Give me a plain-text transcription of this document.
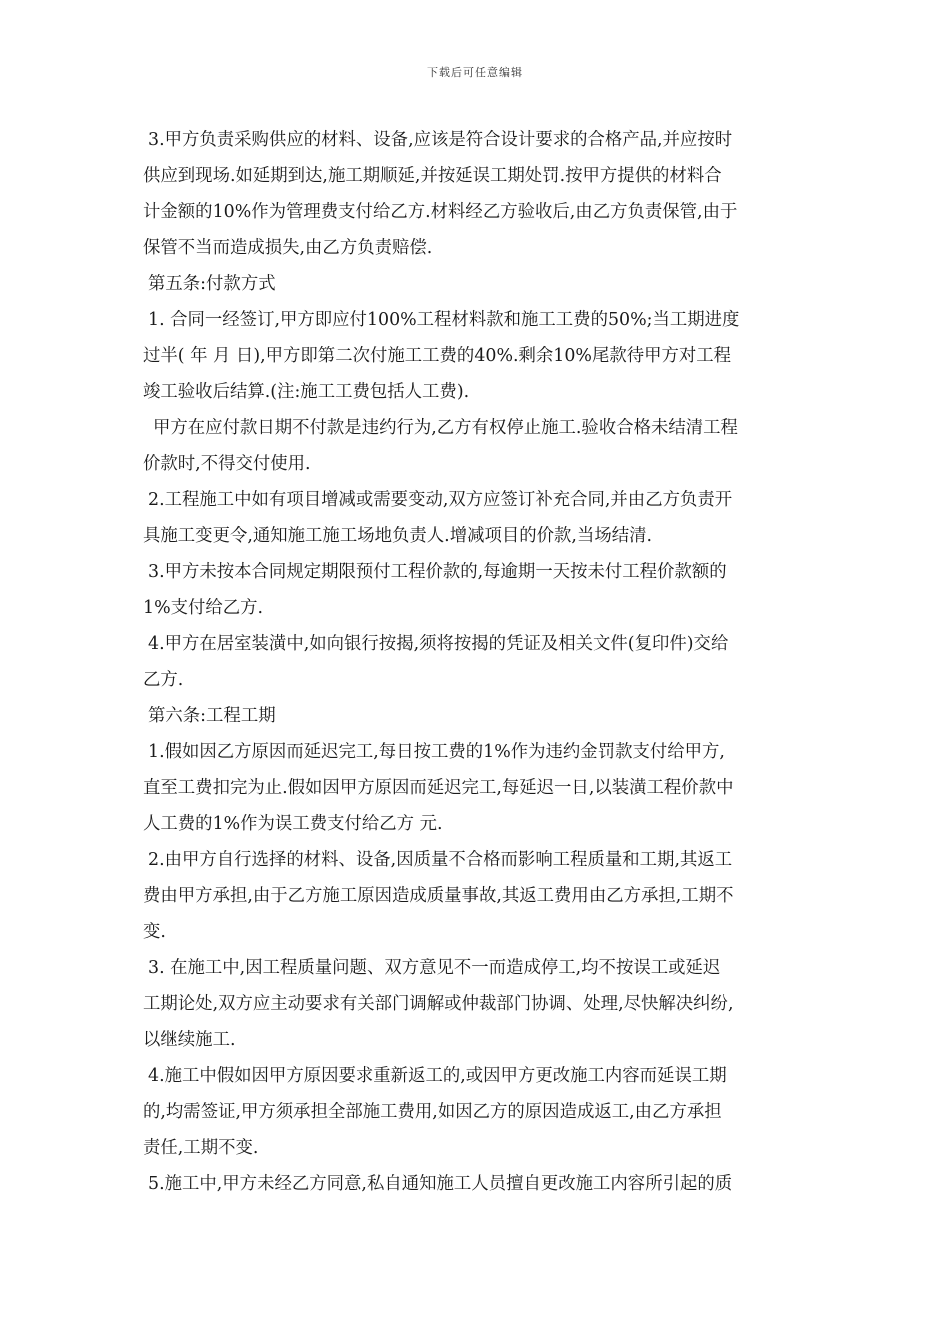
下载后可任意编辑
3.甲方负责采购供应的材料、设备,应该是符合设计要求的合格产品,并应按时
供应到现场.如延期到达,施工期顺延,并按延误工期处罚.按甲方提供的材料合
计金额的10%作为管理费支付给乙方.材料经乙方验收后,由乙方负责保管,由于
保管不当而造成损失,由乙方负责赔偿.
第五条:付款方式
1. 合同一经签订,甲方即应付100%工程材料款和施工工费的50%;当工期进度
过半( 年 月 日),甲方即第二次付施工工费的40%.剩余10%尾款待甲方对工程
竣工验收后结算.(注:施工工费包括人工费).
甲方在应付款日期不付款是违约行为,乙方有权停止施工.验收合格未结清工程
价款时,不得交付使用.
2.工程施工中如有项目增减或需要变动,双方应签订补充合同,并由乙方负责开
具施工变更令,通知施工施工场地负责人.增减项目的价款,当场结清.
3.甲方未按本合同规定期限预付工程价款的,每逾期一天按未付工程价款额的
1%支付给乙方.
4.甲方在居室装潢中,如向银行按揭,须将按揭的凭证及相关文件(复印件)交给
乙方.
第六条:工程工期
1.假如因乙方原因而延迟完工,每日按工费的1%作为违约金罚款支付给甲方,
直至工费扣完为止.假如因甲方原因而延迟完工,每延迟一日,以装潢工程价款中
人工费的1%作为误工费支付给乙方 元.
2.由甲方自行选择的材料、设备,因质量不合格而影响工程质量和工期,其返工
费由甲方承担,由于乙方施工原因造成质量事故,其返工费用由乙方承担,工期不
变.
3. 在施工中,因工程质量问题、双方意见不一而造成停工,均不按误工或延迟
工期论处,双方应主动要求有关部门调解或仲裁部门协调、处理,尽快解决纠纷,
以继续施工.
4.施工中假如因甲方原因要求重新返工的,或因甲方更改施工内容而延误工期
的,均需签证,甲方须承担全部施工费用,如因乙方的原因造成返工,由乙方承担
责任,工期不变.
5.施工中,甲方未经乙方同意,私自通知施工人员擅自更改施工内容所引起的质
